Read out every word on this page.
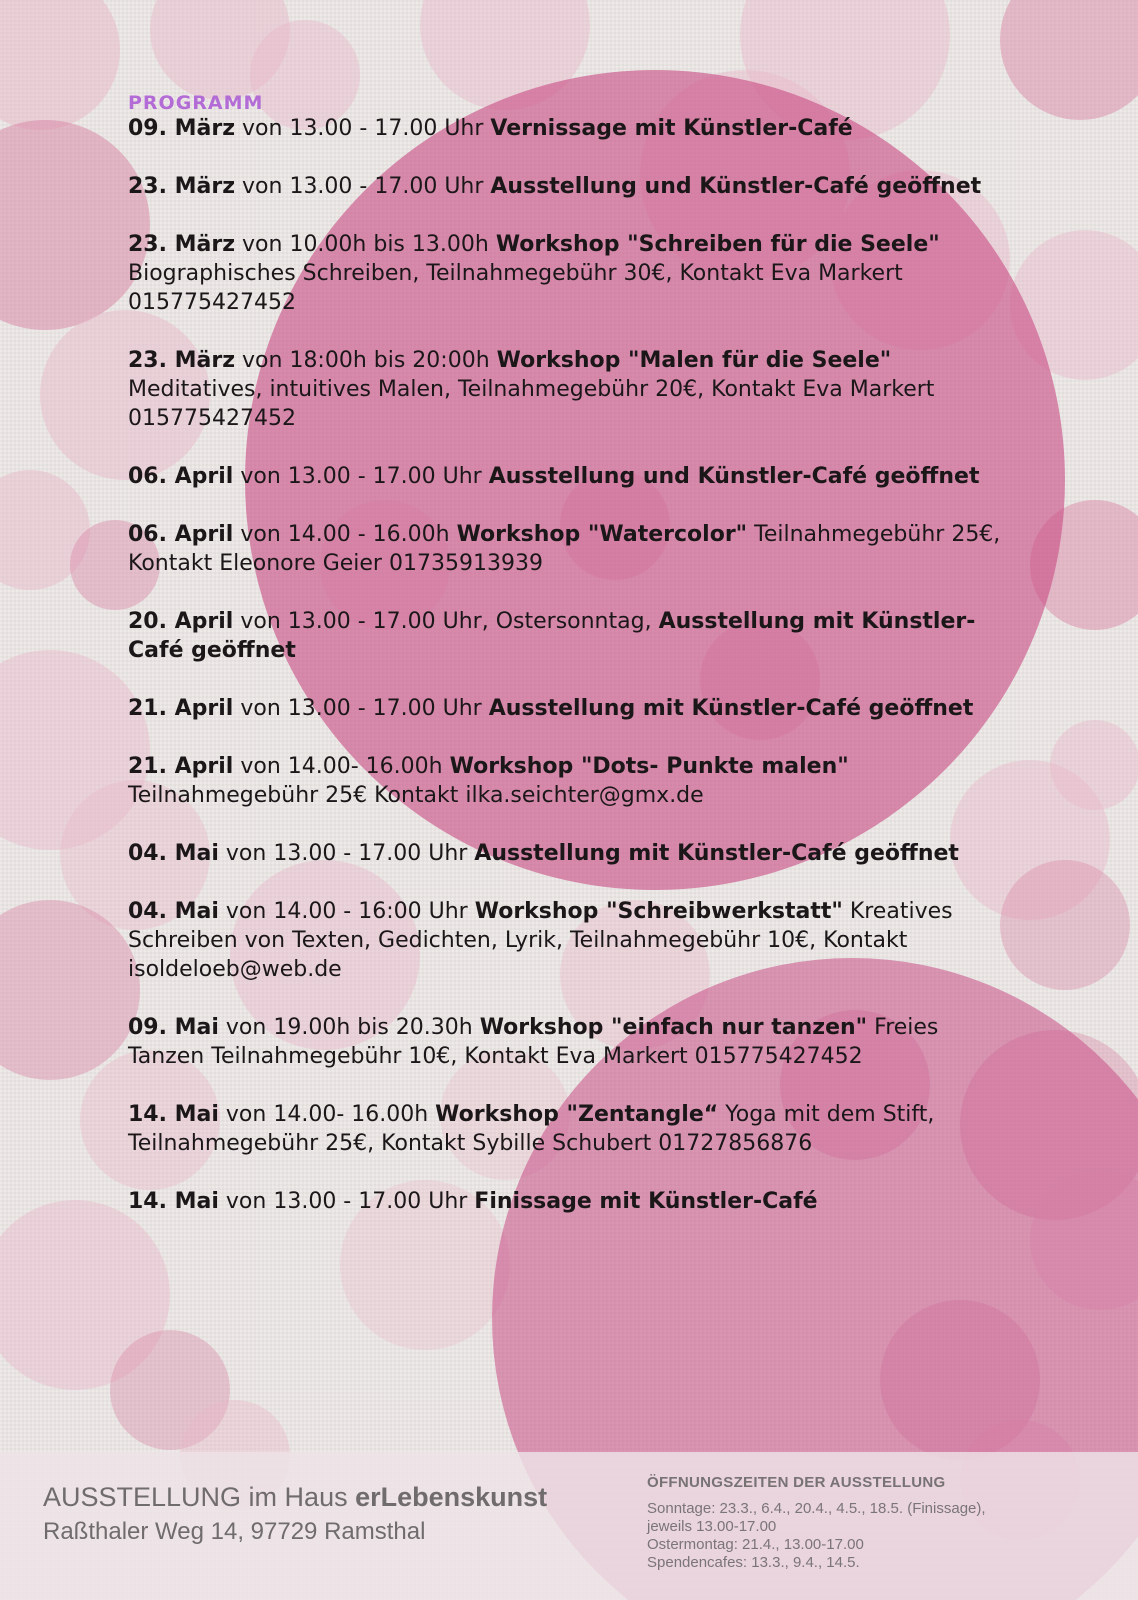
PROGRAMM
09. März von 13.00 - 17.00 Uhr Vernissage mit Künstler-Café
23. März von 13.00 - 17.00 Uhr Ausstellung und Künstler-Café geöffnet
23. März von 10.00h bis 13.00h Workshop "Schreiben für die Seele" Biographisches Schreiben, Teilnahmegebühr 30€, Kontakt Eva Markert 015775427452
23. März von 18:00h bis 20:00h Workshop "Malen für die Seele" Meditatives, intuitives Malen, Teilnahmegebühr 20€, Kontakt Eva Markert 015775427452
06. April von 13.00 - 17.00 Uhr Ausstellung und Künstler-Café geöffnet
06. April von 14.00 - 16.00h Workshop "Watercolor" Teilnahmegebühr 25€, Kontakt Eleonore Geier 01735913939
20. April von 13.00 - 17.00 Uhr, Ostersonntag, Ausstellung mit Künstler-Café geöffnet
21. April von 13.00 - 17.00 Uhr Ausstellung mit Künstler-Café geöffnet
21. April von 14.00- 16.00h Workshop "Dots- Punkte malen" Teilnahmegebühr 25€ Kontakt ilka.seichter@gmx.de
04. Mai von 13.00 - 17.00 Uhr Ausstellung mit Künstler-Café geöffnet
04. Mai von 14.00 - 16:00 Uhr Workshop "Schreibwerkstatt" Kreatives Schreiben von Texten, Gedichten, Lyrik, Teilnahmegebühr 10€, Kontakt isoldeloeb@web.de
09. Mai von 19.00h bis 20.30h Workshop "einfach nur tanzen" Freies Tanzen Teilnahmegebühr 10€, Kontakt Eva Markert 015775427452
14. Mai von 14.00- 16.00h Workshop "Zentangle“ Yoga mit dem Stift, Teilnahmegebühr 25€, Kontakt Sybille Schubert 01727856876
14. Mai von 13.00 - 17.00 Uhr Finissage mit Künstler-Café
AUSSTELLUNG im Haus erLebenskunst
Raßthaler Weg 14, 97729 Ramsthal
ÖFFNUNGSZEITEN DER AUSSTELLUNG
Sonntage: 23.3., 6.4., 20.4., 4.5., 18.5. (Finissage),
jeweils 13.00-17.00
Ostermontag: 21.4., 13.00-17.00
Spendencafes: 13.3., 9.4., 14.5.
